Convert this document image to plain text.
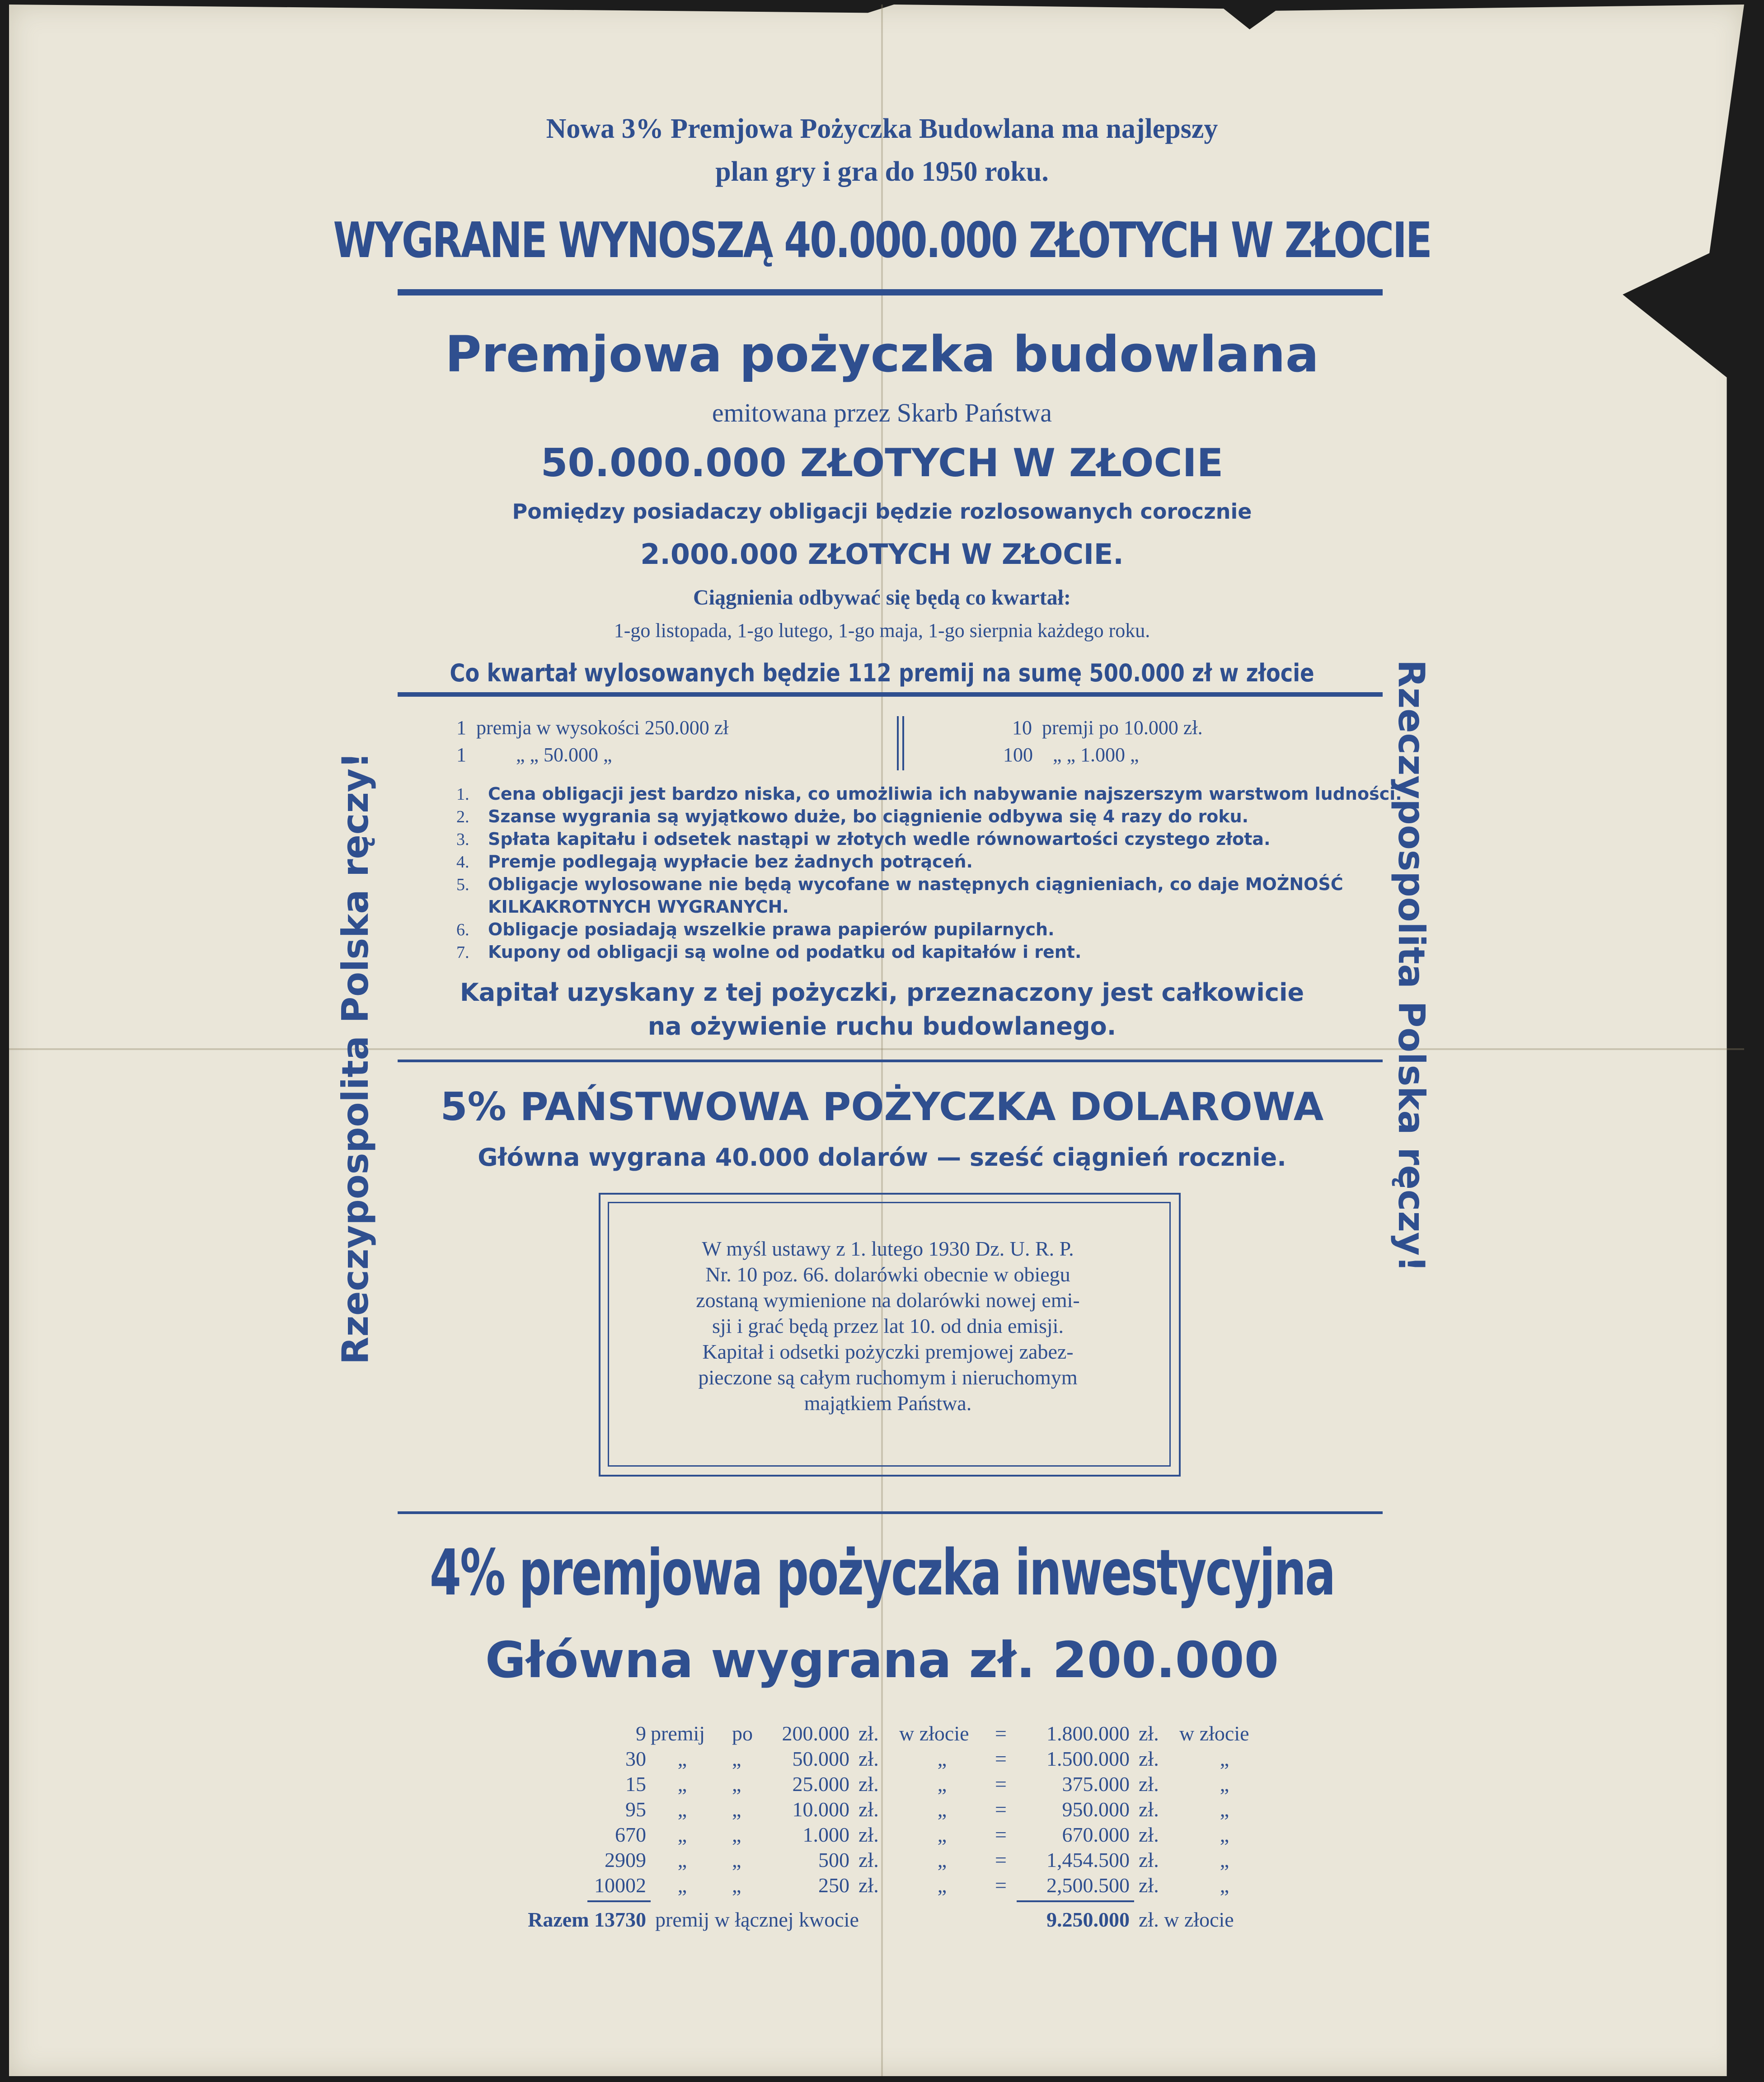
Nowa 3% Premjowa Pożyczka Budowlana ma najlepszy
plan gry i gra do 1950 roku.
WYGRANE WYNOSZĄ 40.000.000 ZŁOTYCH W ZŁOCIE
Rzeczypospolita Polska ręczy!	Rzeczypospolita Polska ręczy!
Premjowa pożyczka budowlana
emitowana przez Skarb Państwa
50.000.000 ZŁOTYCH W ZŁOCIE
Pomiędzy posiadaczy obligacji będzie rozlosowanych corocznie
2.000.000 ZŁOTYCH W ZŁOCIE.
Ciągnienia odbywać się będą co kwartał:
1-go listopada, 1-go lutego, 1-go maja, 1-go sierpnia każdego roku.
Co kwartał wylosowanych będzie 112 premij na sumę 500.000 zł w złocie
1 premja w wysokości 250.000 zł
1	„ „ 50.000 „
10 premji po 10.000 zł.
100 „ „ 1.000 „
1. Cena obligacji jest bardzo niska, co umożliwia ich nabywanie najszerszym warstwom ludności.
2. Szanse wygrania są wyjątkowo duże, bo ciągnienie odbywa się 4 razy do roku.
3. Spłata kapitału i odsetek nastąpi w złotych wedle równowartości czystego złota.
4. Premje podlegają wypłacie bez żadnych potrąceń.
5. Obligacje wylosowane nie będą wycofane w następnych ciągnieniach, co daje MOŻNOŚĆ
KILKAKROTNYCH WYGRANYCH.
6. Obligacje posiadają wszelkie prawa papierów pupilarnych.
7. Kupony od obligacji są wolne od podatku od kapitałów i rent.
Kapitał uzyskany z tej pożyczki, przeznaczony jest całkowicie
na ożywienie ruchu budowlanego.
5% PAŃSTWOWA POŻYCZKA DOLAROWA
Główna wygrana 40.000 dolarów — sześć ciągnień rocznie.
W myśl ustawy z 1. lutego 1930 Dz. U. R. P.
Nr. 10 poz. 66. dolarówki obecnie w obiegu
zostaną wymienione na dolarówki nowej emi-
sji i grać będą przez lat 10. od dnia emisji.
Kapitał i odsetki pożyczki premjowej zabez-
pieczone są całym ruchomym i nieruchomym
majątkiem Państwa.
4% premjowa pożyczka inwestycyjna
Główna wygrana zł. 200.000
9 premij	po	200.000 zł. w złocie	=	1.800.000 zł. w złocie
30	„	„	50.000 zł.	„	=	1.500.000 zł.	„
15	„	„	25.000 zł.	„	=	375.000 zł.	„
95	„	„	10.000 zł.	„	=	950.000 zł.	„
670	„	„	1.000 zł.	„	=	670.000 zł.	„
2909	„	„	500 zł.	„	=	1,454.500 zł.	„
10002	„	„	250 zł.	„	=	2,500.500 zł.	„
Razem 13730 premij w łącznej kwocie	9.250.000 zł. w złocie
